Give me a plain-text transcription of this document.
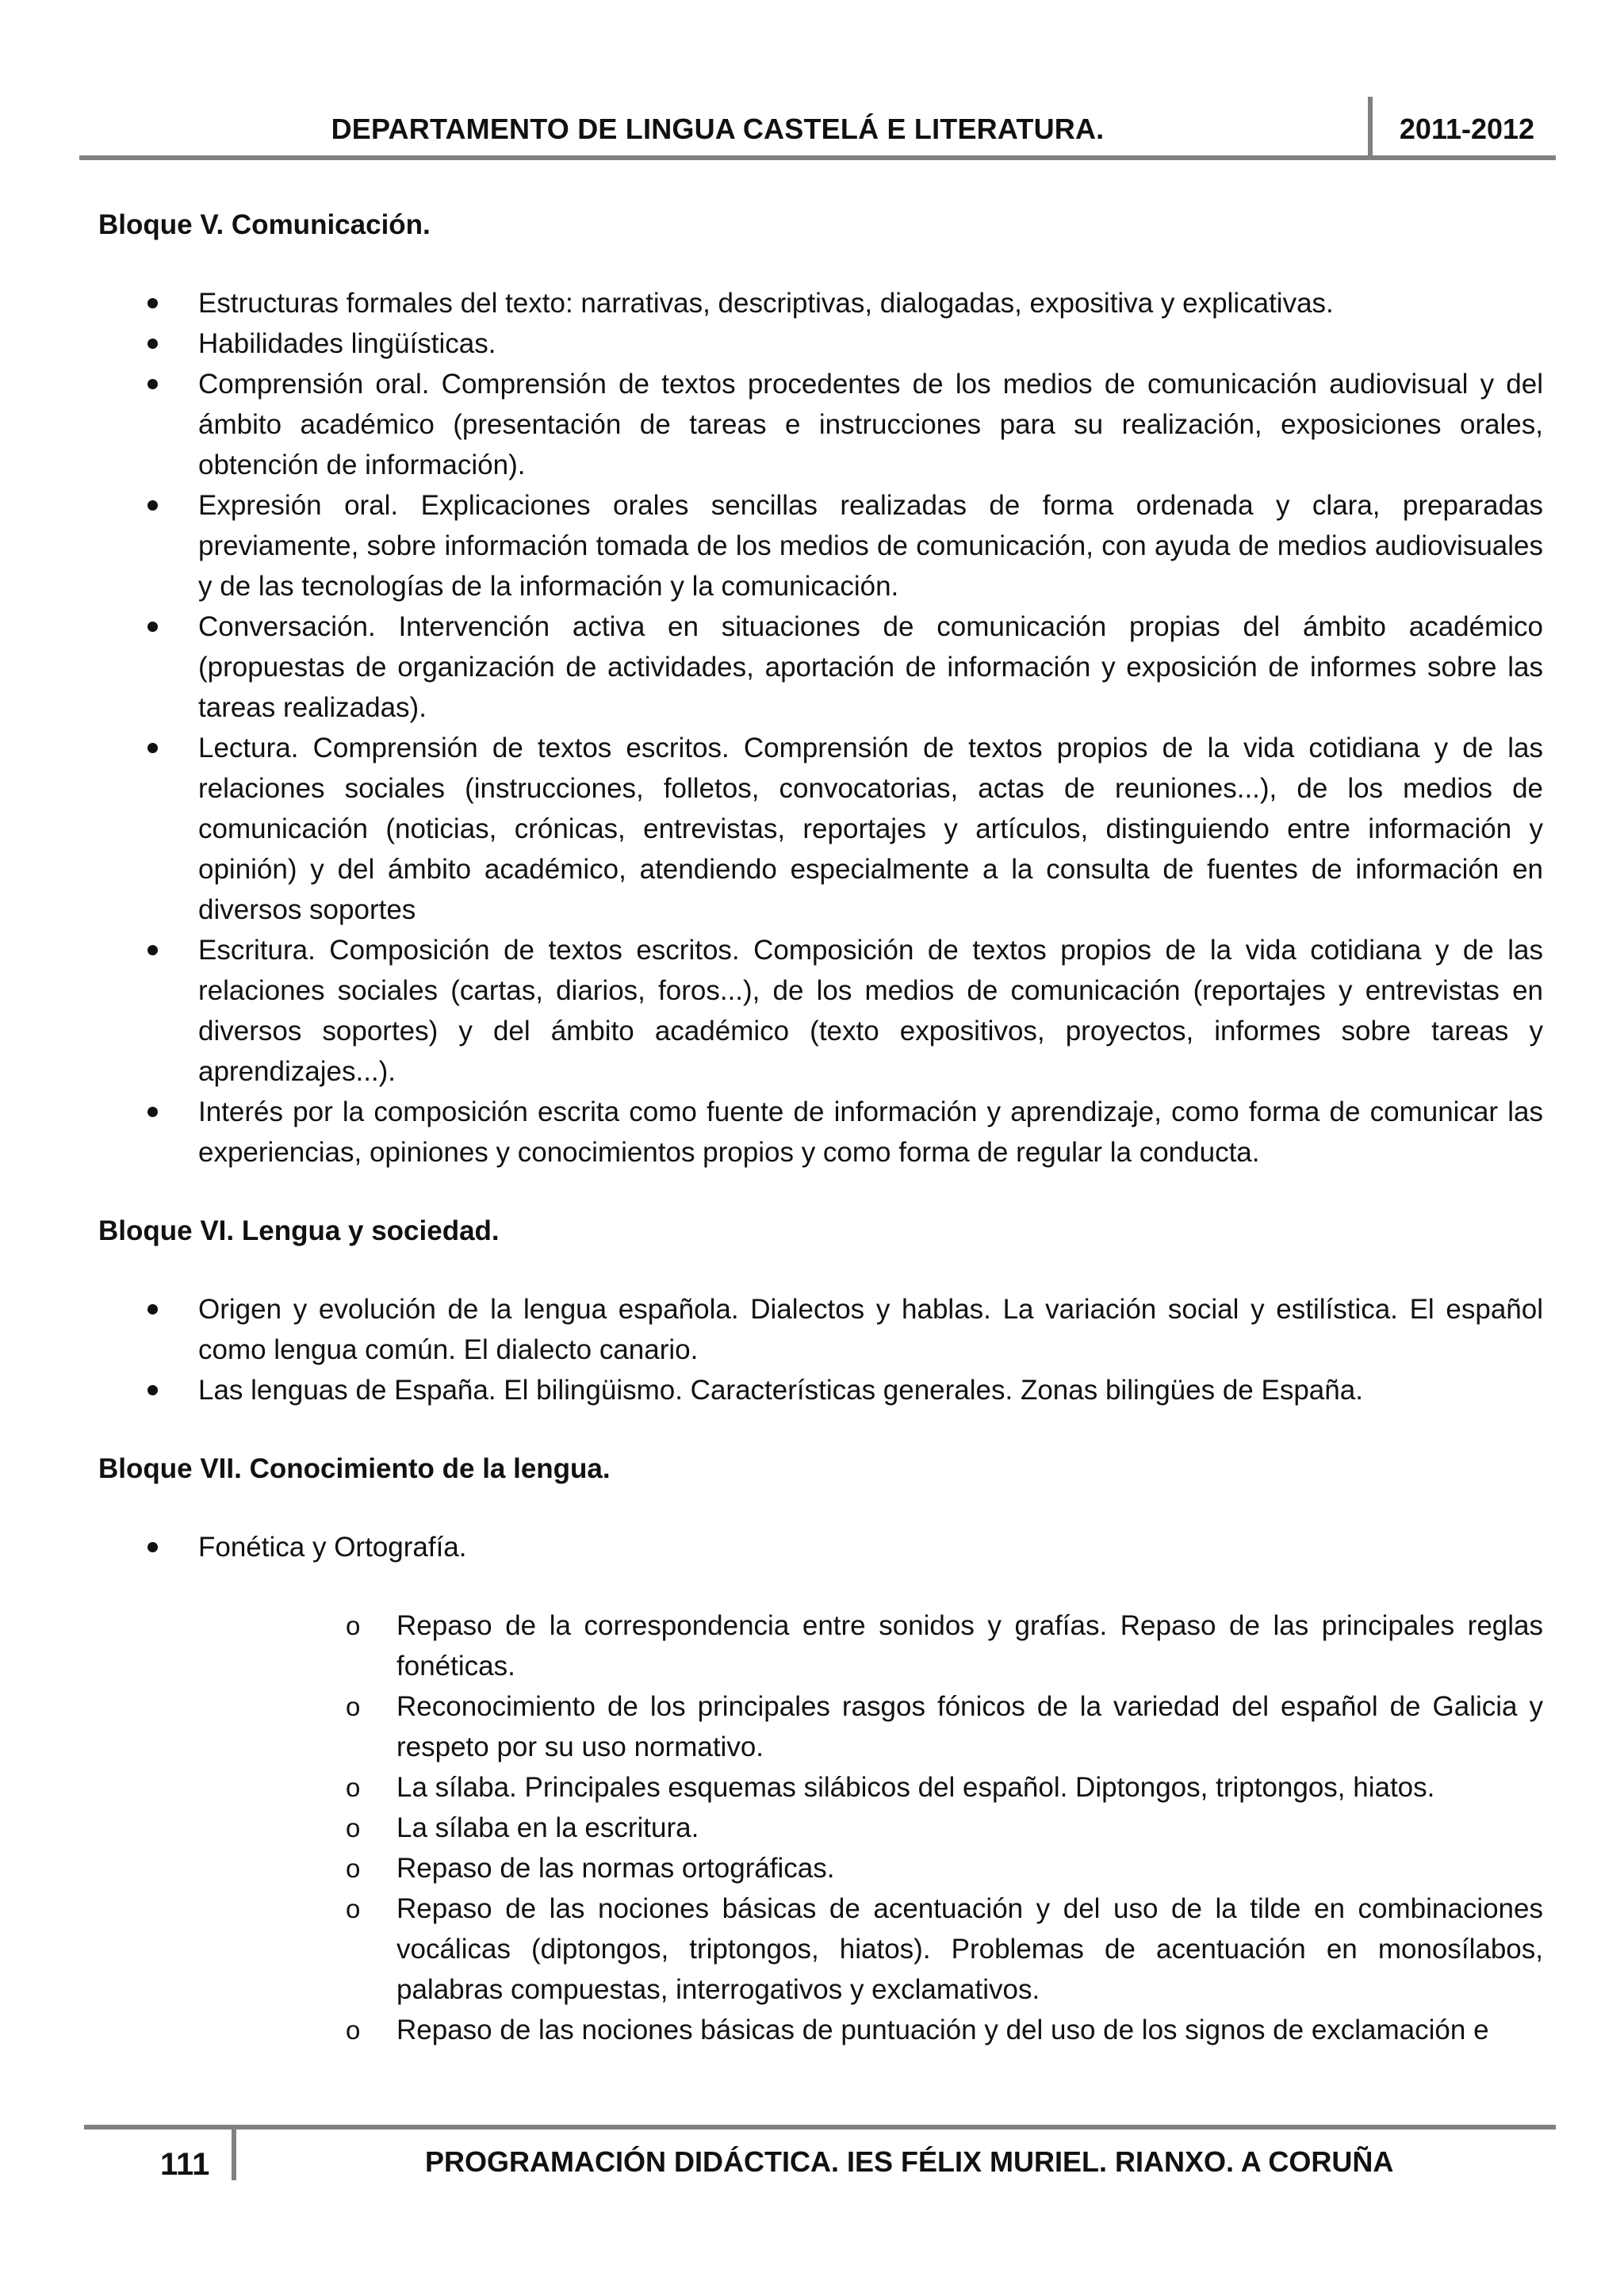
DEPARTAMENTO DE LINGUA CASTELÁ E LITERATURA.	2011-2012

Bloque V. Comunicación.

Estructuras formales del texto: narrativas, descriptivas, dialogadas, expositiva y explicativas.
Habilidades lingüísticas.
Comprensión oral. Comprensión de textos procedentes de los medios de comunicación audiovisual y del ámbito académico (presentación de tareas e instrucciones para su realización, exposiciones orales, obtención de información).
Expresión oral. Explicaciones orales sencillas realizadas de forma ordenada y clara, preparadas previamente, sobre información tomada de los medios de comunicación, con ayuda de medios audiovisuales y de las tecnologías de la información y la comunicación.
Conversación. Intervención activa en situaciones de comunicación propias del ámbito académico (propuestas de organización de actividades, aportación de información y exposición de informes sobre las tareas realizadas).
Lectura. Comprensión de textos escritos. Comprensión de textos propios de la vida cotidiana y de las relaciones sociales (instrucciones, folletos, convocatorias, actas de reuniones...), de los medios de comunicación (noticias, crónicas, entrevistas, reportajes y artículos, distinguiendo entre información y opinión) y del ámbito académico, atendiendo especialmente a la consulta de fuentes de información en diversos soportes
Escritura. Composición de textos escritos. Composición de textos propios de la vida cotidiana y de las relaciones sociales (cartas, diarios, foros...), de los medios de comunicación (reportajes y entrevistas en diversos soportes) y del ámbito académico (texto expositivos, proyectos, informes sobre tareas y aprendizajes...).
Interés por la composición escrita como fuente de información y aprendizaje, como forma de comunicar las experiencias, opiniones y conocimientos propios y como forma de regular la conducta.

Bloque VI. Lengua y sociedad.

Origen y evolución de la lengua española. Dialectos y hablas. La variación social y estilística. El español como lengua común. El dialecto canario.
Las lenguas de España. El bilingüismo. Características generales. Zonas bilingües de España.

Bloque VII. Conocimiento de la lengua.

Fonética y Ortografía.
o Repaso de la correspondencia entre sonidos y grafías. Repaso de las principales reglas fonéticas.
o Reconocimiento de los principales rasgos fónicos de la variedad del español de Galicia y respeto por su uso normativo.
o La sílaba. Principales esquemas silábicos del español. Diptongos, triptongos, hiatos.
o La sílaba en la escritura.
o Repaso de las normas ortográficas.
o Repaso de las nociones básicas de acentuación y del uso de la tilde en combinaciones vocálicas (diptongos, triptongos, hiatos). Problemas de acentuación en monosílabos, palabras compuestas, interrogativos y exclamativos.
o Repaso de las nociones básicas de puntuación y del uso de los signos de exclamación e
111	PROGRAMACIÓN DIDÁCTICA. IES FÉLIX MURIEL. RIANXO. A CORUÑA
